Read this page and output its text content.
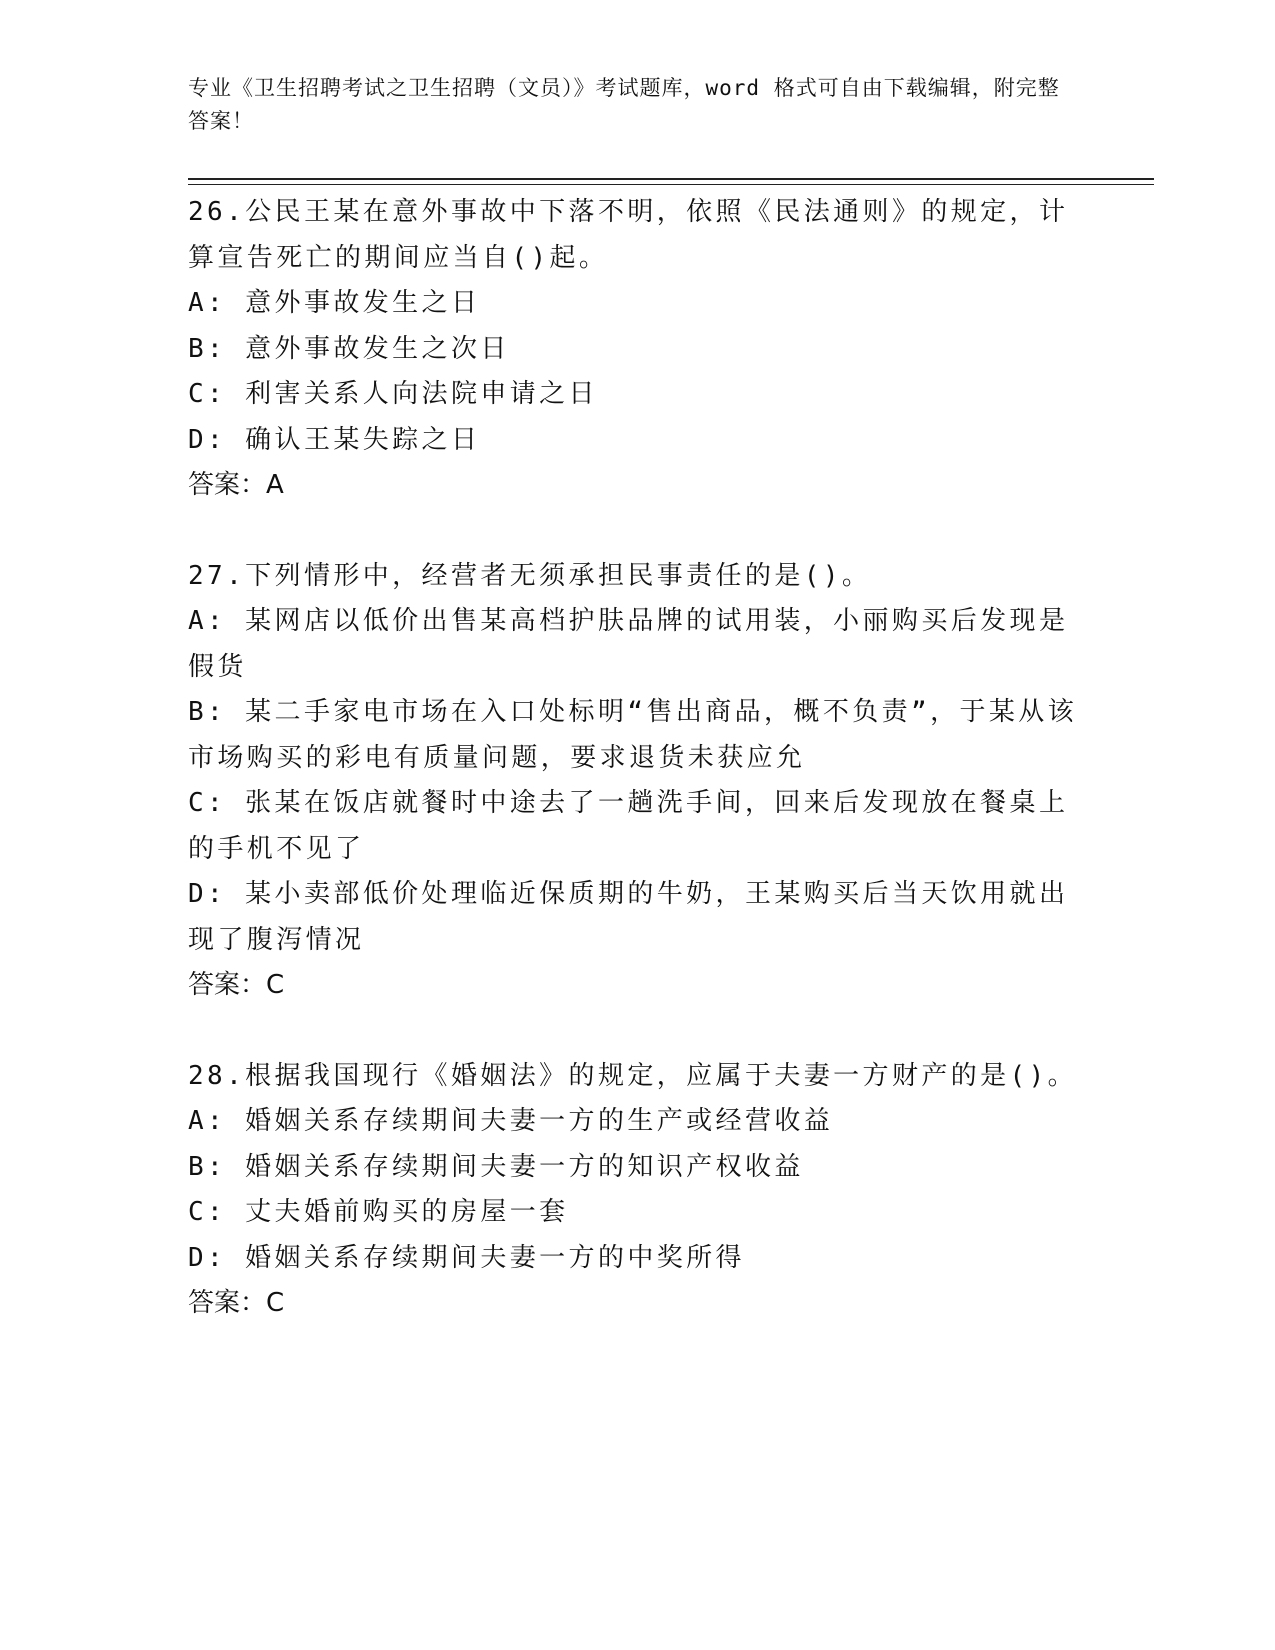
专业《卫生招聘考试之卫生招聘（文员）》考试题库，word 格式可自由下载编辑，附完整答案！

26.公民王某在意外事故中下落不明，依照《民法通则》的规定，计算宣告死亡的期间应当自()起。

A: 意外事故发生之日

B: 意外事故发生之次日

C: 利害关系人向法院申请之日

D: 确认王某失踪之日

答案：A

27.下列情形中，经营者无须承担民事责任的是()。

A: 某网店以低价出售某高档护肤品牌的试用装，小丽购买后发现是假货

B: 某二手家电市场在入口处标明“售出商品，概不负责”，于某从该市场购买的彩电有质量问题，要求退货未获应允

C: 张某在饭店就餐时中途去了一趟洗手间，回来后发现放在餐桌上的手机不见了

D: 某小卖部低价处理临近保质期的牛奶，王某购买后当天饮用就出现了腹泻情况

答案：C

28.根据我国现行《婚姻法》的规定，应属于夫妻一方财产的是()。

A: 婚姻关系存续期间夫妻一方的生产或经营收益

B: 婚姻关系存续期间夫妻一方的知识产权收益

C: 丈夫婚前购买的房屋一套

D: 婚姻关系存续期间夫妻一方的中奖所得

答案：C
